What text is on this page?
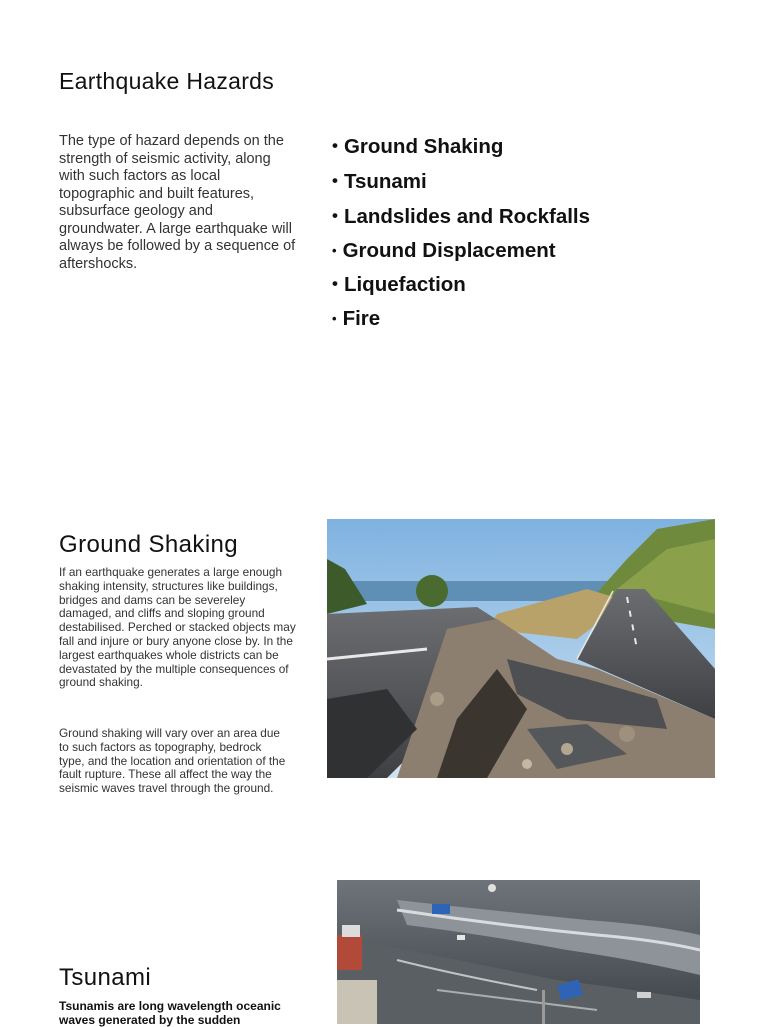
Earthquake Hazards

The type of hazard depends on the strength of seismic activity, along with such factors as local topographic and built features, subsurface geology and groundwater. A large earthquake will always be followed by a sequence of aftershocks.

• Ground Shaking
• Tsunami
• Landslides and Rockfalls
• Ground Displacement
• Liquefaction
• Fire
Ground Shaking

If an earthquake generates a large enough shaking intensity, structures like buildings, bridges and dams can be severeley damaged, and cliffs and sloping ground destabilised. Perched or stacked objects may fall and injure or bury anyone close by. In the largest earthquakes whole districts can be devastated by the multiple consequences of ground shaking.

Ground shaking will vary over an area due to such factors as topography, bedrock type, and the location and orientation of the fault rupture. These all affect the way the seismic waves travel through the ground.

Tsunami

Tsunamis are long wavelength oceanic waves generated by the sudden
